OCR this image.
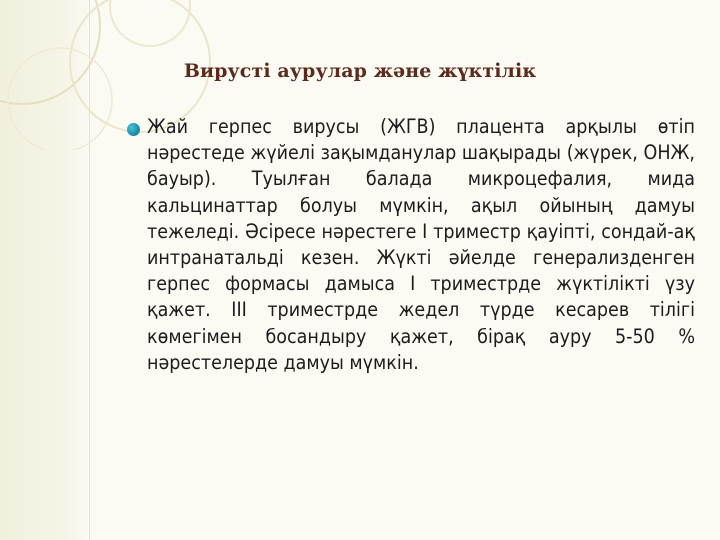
Вирусті аурулар және жүктілік

Жай герпес вирусы (ЖГВ) плацента арқылы өтіп нәрестеде жүйелі зақымданулар шақырады (жүрек, ОНЖ, бауыр). Туылған балада микроцефалия, мида кальцинаттар болуы мүмкін, ақыл ойының дамуы тежеледі. Әсіресе нәрестеге I триместр қауіпті, сондай-ақ интранатальді кезен. Жүкті әйелде генерализденген герпес формасы дамыса I триместрде жүктілікті үзу қажет. III триместрде жедел түрде кесарев тілігі көмегімен босандыру қажет, бірақ ауру 5-50 % нәрестелерде дамуы мүмкін.
